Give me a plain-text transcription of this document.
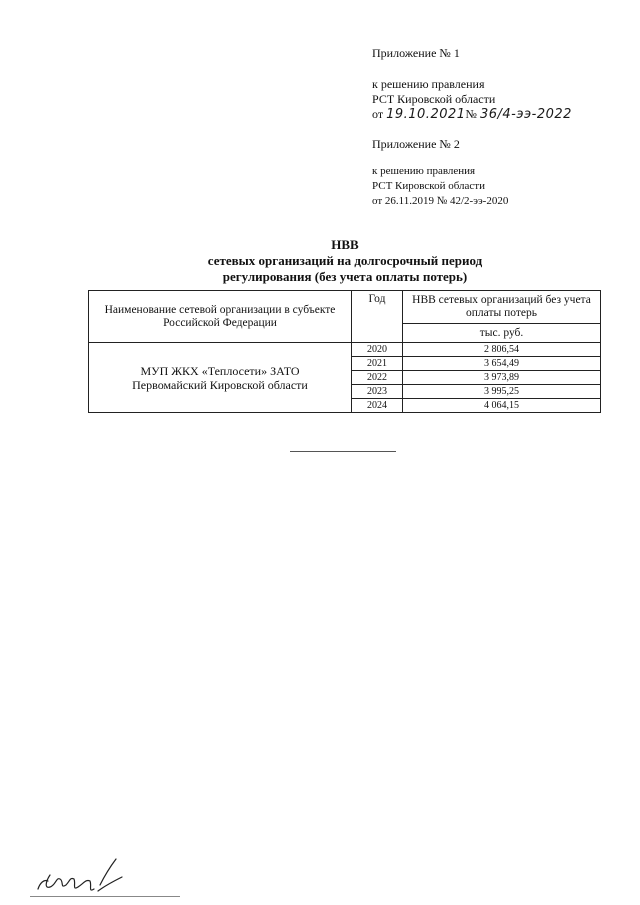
Приложение № 1
к решению правления
РСТ Кировской области
от 19.10.2021№ 36/4-ээ-2022
Приложение № 2
к решению правления
РСТ Кировской области
от 26.11.2019 № 42/2-ээ-2020
НВВ
сетевых организаций на долгосрочный период
регулирования (без учета оплаты потерь)
Наименование сетевой организации в субъекте Российской Федерации	Год	НВВ сетевых организаций без учета оплаты потерь
		тыс. руб.
МУП ЖКХ «Теплосети» ЗАТО Первомайский Кировской области	2020	2 806,54
	2021	3 654,49
	2022	3 973,89
	2023	3 995,25
	2024	4 064,15
